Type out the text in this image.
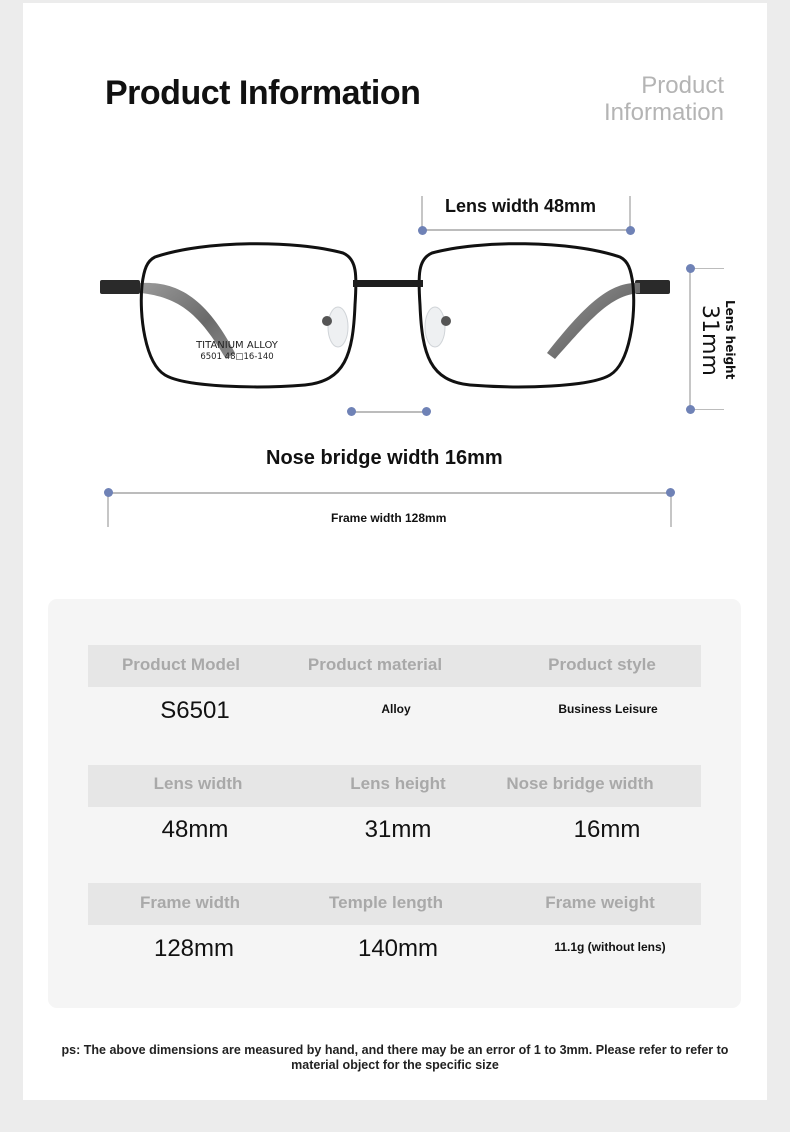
Product Information	Product
Information
TITANIUM ALLOY
6501 48□16-140
Lens width 48mm
Lens height
31mm
Nose bridge width 16mm
Frame width 128mm
Product Model	Product material	Product style
S6501	Alloy	Business Leisure
Lens width	Lens height	Nose bridge width
48mm	31mm	16mm
Frame width	Temple length	Frame weight
128mm	140mm	11.1g (without lens)
ps: The above dimensions are measured by hand, and there may be an error of 1 to 3mm. Please refer to refer to material object for the specific size
